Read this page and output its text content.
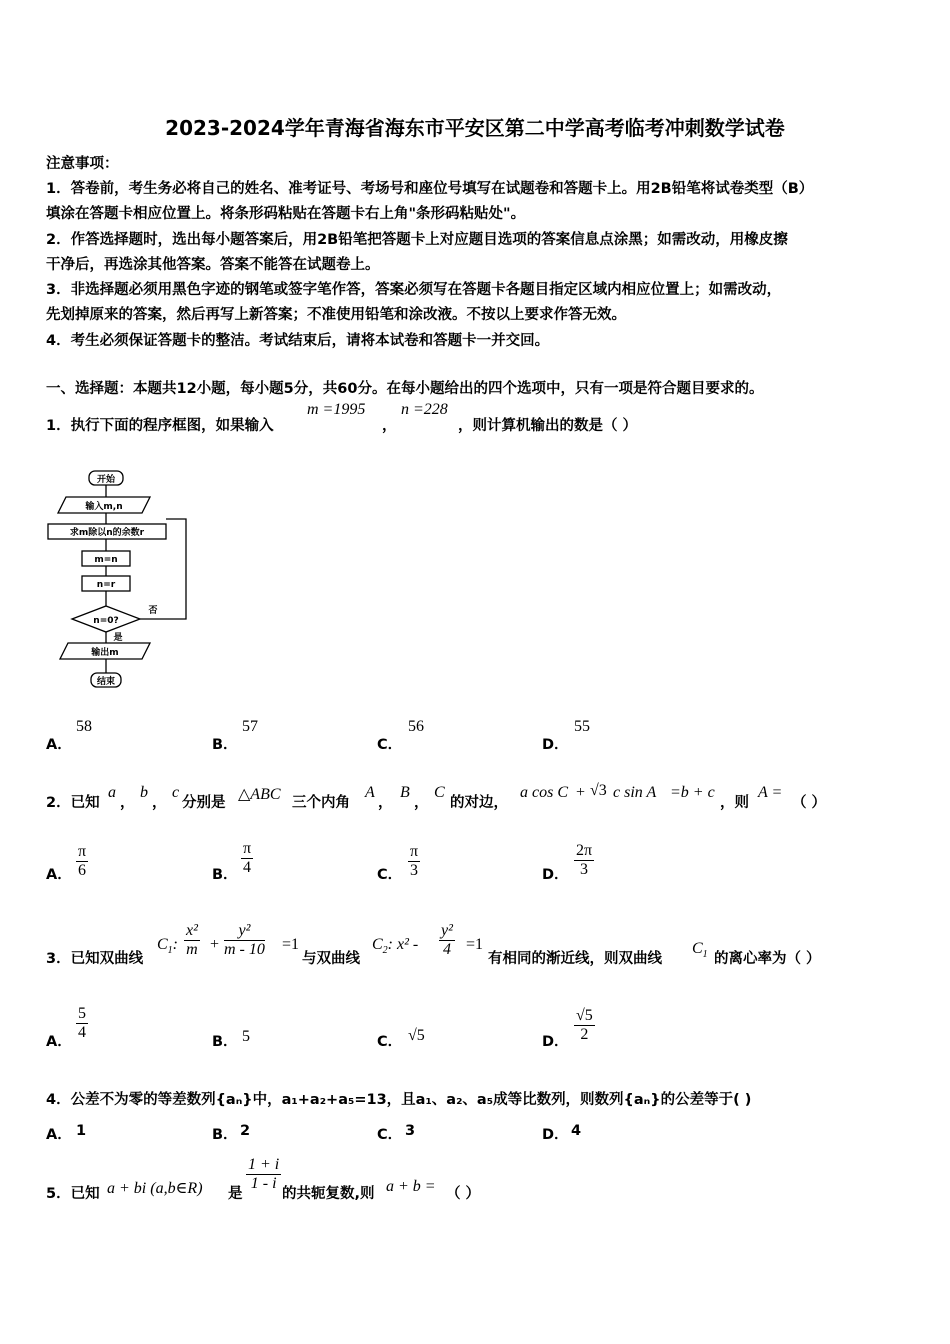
2023-2024学年青海省海东市平安区第二中学高考临考冲刺数学试卷
注意事项：
1．答卷前，考生务必将自己的姓名、准考证号、考场号和座位号填写在试题卷和答题卡上。用2B铅笔将试卷类型（B）
填涂在答题卡相应位置上。将条形码粘贴在答题卡右上角"条形码粘贴处"。
2．作答选择题时，选出每小题答案后，用2B铅笔把答题卡上对应题目选项的答案信息点涂黑；如需改动，用橡皮擦
干净后，再选涂其他答案。答案不能答在试题卷上。
3．非选择题必须用黑色字迹的钢笔或签字笔作答，答案必须写在答题卡各题目指定区域内相应位置上；如需改动，
先划掉原来的答案，然后再写上新答案；不准使用铅笔和涂改液。不按以上要求作答无效。
4．考生必须保证答题卡的整洁。考试结束后，请将本试卷和答题卡一并交回。
一、选择题：本题共12小题，每小题5分，共60分。在每小题给出的四个选项中，只有一项是符合题目要求的。
1．执行下面的程序框图，如果输入
m =1995
，
n =228
，则计算机输出的数是（ ）
开始
输入m,n
求m除以n的余数r
m=n
n=r
n=0?
否
是
输出m
结束
A．
58
B．
57
C．
56
D．
55
2．已知
a
，
b
，
c
分别是 △ABC 三个内角
A
，
B
，
C
的对边，
a cos C + √3 c sin A =b + c
，则
A =
（ ）
A． $\frac{\pi}{6}$	B． $\frac{\pi}{4}$	C． $\frac{\pi}{3}$	D． $\frac{2\pi}{3}$
3．已知双曲线
$C_1$: $\frac{\text{x²}}{m} + \frac{\text{y²}}{m - 10} =1$
与双曲线
$C_2$: $x^2 - \frac{\text{y²}}{4} =1$
有相同的渐近线，则双曲线
$C_1$ 的离心率为（ ）
A． $\frac{5}{4}$	B． 5	C． √5	D． $\frac{√5}{2}$
4．公差不为零的等差数列{aₙ}中，a₁+a₂+a₅=13，且a₁、a₂、a₅成等比数列，则数列{aₙ}的公差等于( )
A． 1	B． 2	C． 3	D． 4
5．已知 a + bi (a,b∈R) 是
$\frac{1 + i}{1 - i}$
的共轭复数,则 a + b = （ ）
